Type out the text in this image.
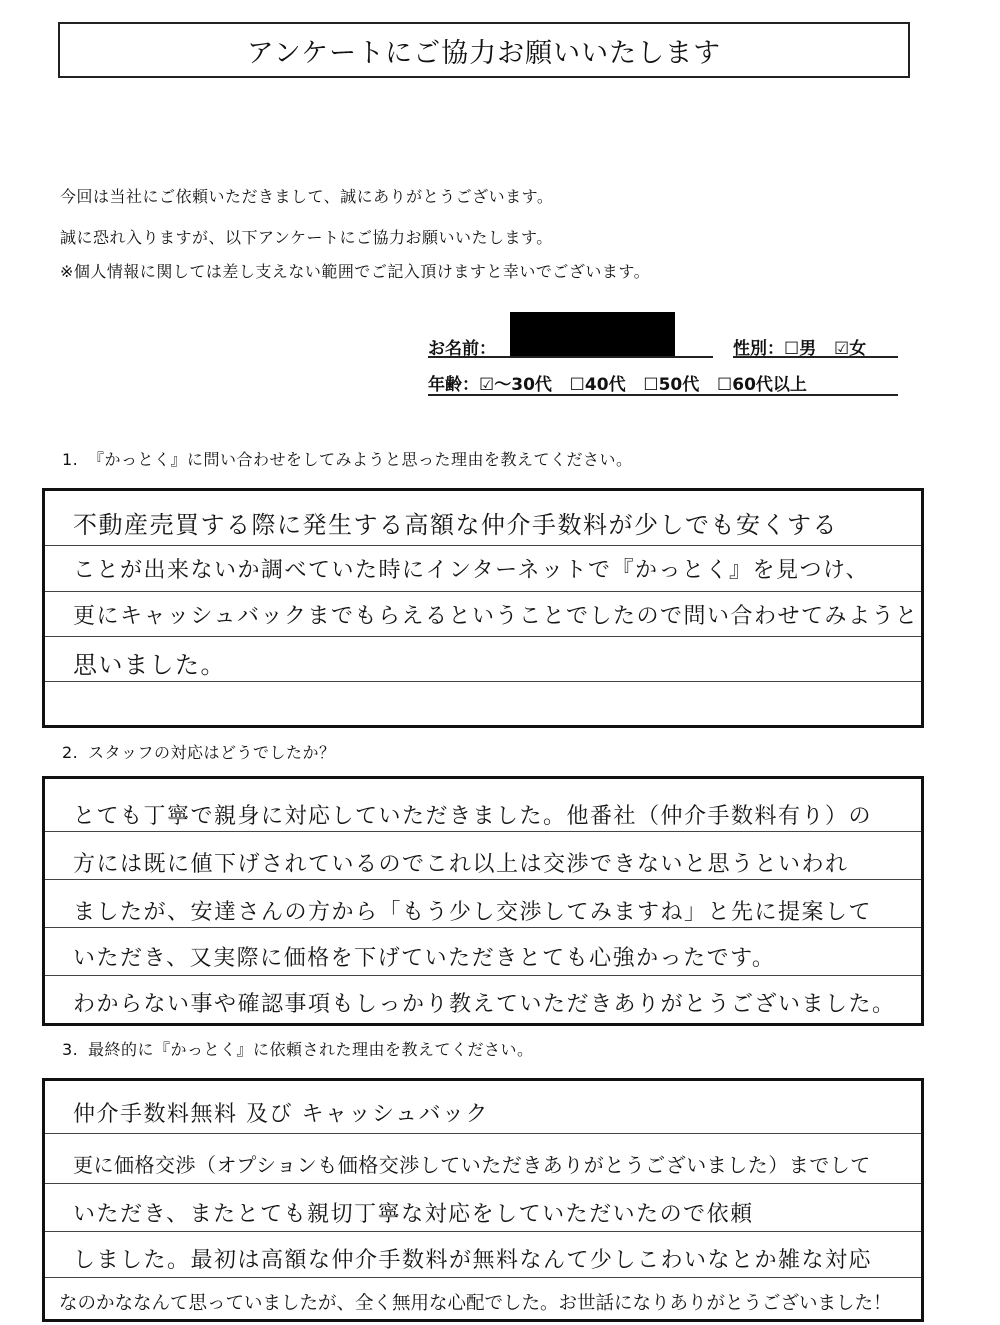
アンケートにご協力お願いいたします
今回は当社にご依頼いただきまして、誠にありがとうございます。
誠に恐れ入りますが、以下アンケートにご協力お願いいたします。
※個人情報に関しては差し支えない範囲でご記入頂けますと幸いでございます。
お名前：	性別：☐男 ☑女
年齢：☑～30代 ☐40代 ☐50代 ☐60代以上
1. 『かっとく』に問い合わせをしてみようと思った理由を教えてください。
不動産売買する際に発生する高額な仲介手数料が少しでも安くする
ことが出来ないか調べていた時にインターネットで『かっとく』を見つけ、
更にキャッシュバックまでもらえるということでしたので問い合わせてみようと
思いました。
2. スタッフの対応はどうでしたか？
とても丁寧で親身に対応していただきました。他番社（仲介手数料有り）の
方には既に値下げされているのでこれ以上は交渉できないと思うといわれ
ましたが、安達さんの方から「もう少し交渉してみますね」と先に提案して
いただき、又実際に価格を下げていただきとても心強かったです。
わからない事や確認事項もしっかり教えていただきありがとうございました。
3. 最終的に『かっとく』に依頼された理由を教えてください。
仲介手数料無料 及び キャッシュバック
更に価格交渉（オプションも価格交渉していただきありがとうございました）までして
いただき、またとても親切丁寧な対応をしていただいたので依頼
しました。最初は高額な仲介手数料が無料なんて少しこわいなとか雑な対応
なのかななんて思っていましたが、全く無用な心配でした。お世話になりありがとうございました！
